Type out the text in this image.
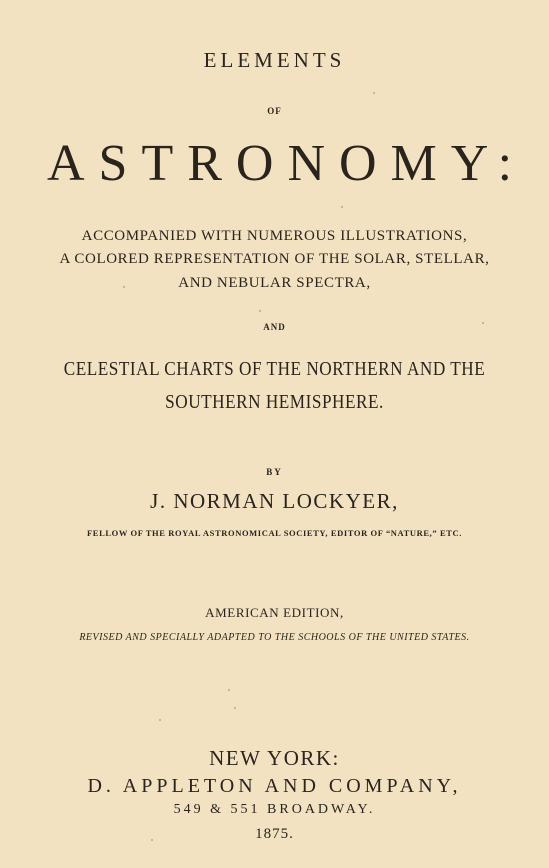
ELEMENTS
OF
ASTRONOMY:
ACCOMPANIED WITH NUMEROUS ILLUSTRATIONS,
A COLORED REPRESENTATION OF THE SOLAR, STELLAR,
AND NEBULAR SPECTRA,
AND
CELESTIAL CHARTS OF THE NORTHERN AND THE
SOUTHERN HEMISPHERE.
BY
J. NORMAN LOCKYER,
FELLOW OF THE ROYAL ASTRONOMICAL SOCIETY, EDITOR OF “NATURE,” ETC.
AMERICAN EDITION,
REVISED AND SPECIALLY ADAPTED TO THE SCHOOLS OF THE UNITED STATES.
NEW YORK:
D. APPLETON AND COMPANY,
549 & 551 BROADWAY.
1875.
